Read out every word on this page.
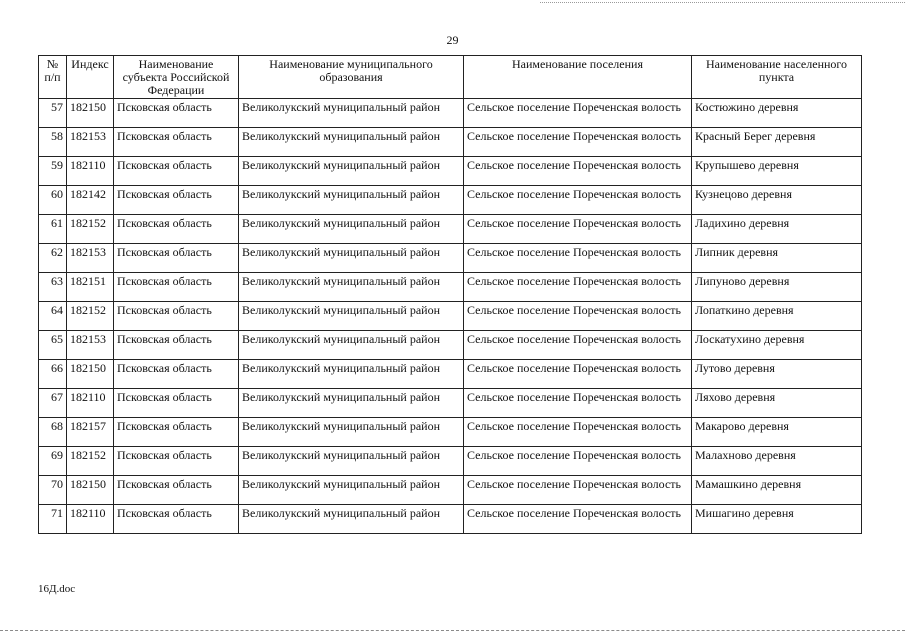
29
№ п/п	Индекс	Наименование субъекта Российской Федерации	Наименование муниципального образования	Наименование поселения	Наименование населенного пункта
57	182150	Псковская область	Великолукский муниципальный район	Сельское поселение Пореченская волость	Костюжино деревня
58	182153	Псковская область	Великолукский муниципальный район	Сельское поселение Пореченская волость	Красный Берег деревня
59	182110	Псковская область	Великолукский муниципальный район	Сельское поселение Пореченская волость	Крупышево деревня
60	182142	Псковская область	Великолукский муниципальный район	Сельское поселение Пореченская волость	Кузнецово деревня
61	182152	Псковская область	Великолукский муниципальный район	Сельское поселение Пореченская волость	Ладихино деревня
62	182153	Псковская область	Великолукский муниципальный район	Сельское поселение Пореченская волость	Липник деревня
63	182151	Псковская область	Великолукский муниципальный район	Сельское поселение Пореченская волость	Липуново деревня
64	182152	Псковская область	Великолукский муниципальный район	Сельское поселение Пореченская волость	Лопаткино деревня
65	182153	Псковская область	Великолукский муниципальный район	Сельское поселение Пореченская волость	Лоскатухино деревня
66	182150	Псковская область	Великолукский муниципальный район	Сельское поселение Пореченская волость	Лутово деревня
67	182110	Псковская область	Великолукский муниципальный район	Сельское поселение Пореченская волость	Ляхово деревня
68	182157	Псковская область	Великолукский муниципальный район	Сельское поселение Пореченская волость	Макарово деревня
69	182152	Псковская область	Великолукский муниципальный район	Сельское поселение Пореченская волость	Малахново деревня
70	182150	Псковская область	Великолукский муниципальный район	Сельское поселение Пореченская волость	Мамашкино деревня
71	182110	Псковская область	Великолукский муниципальный район	Сельское поселение Пореченская волость	Мишагино деревня
16Д.doc
